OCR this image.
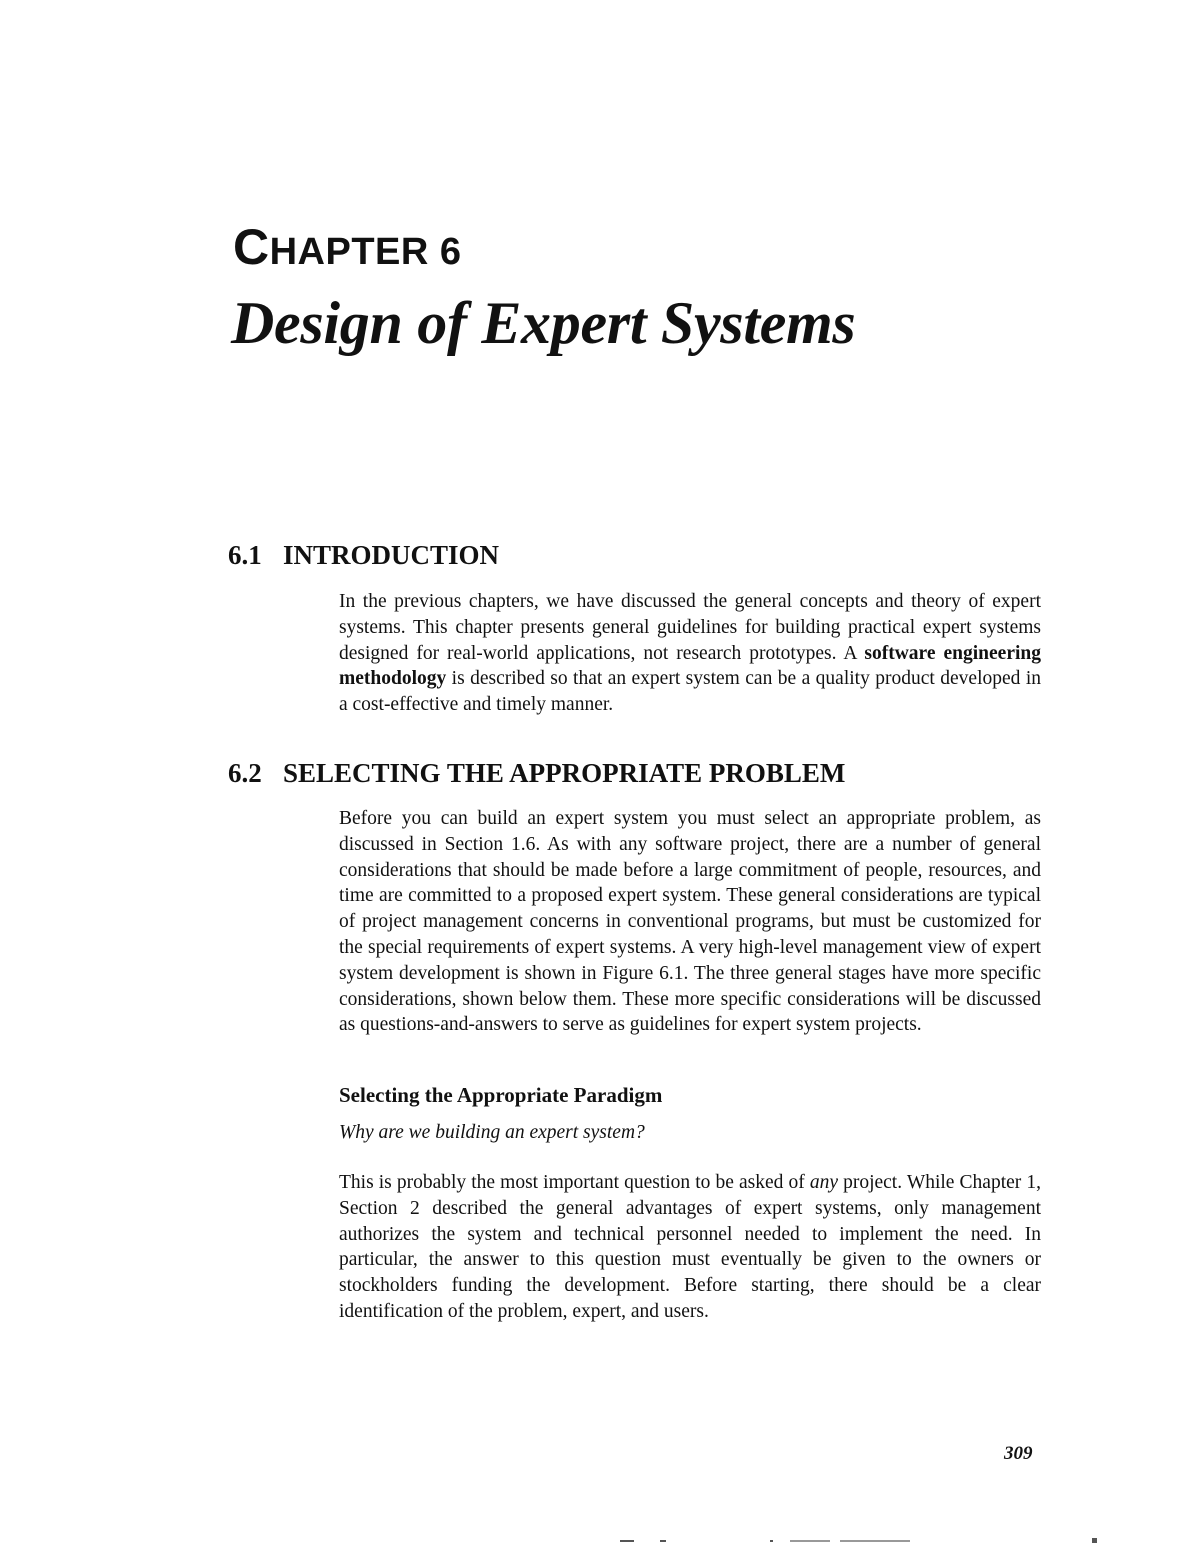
CHAPTER 6
Design of Expert Systems
6.1 INTRODUCTION

In the previous chapters, we have discussed the general concepts and theory of expert systems. This chapter presents general guidelines for building practical expert systems designed for real-world applications, not research prototypes. A software engineering methodology is described so that an expert system can be a quality product developed in a cost-effective and timely manner.

6.2 SELECTING THE APPROPRIATE PROBLEM

Before you can build an expert system you must select an appropriate problem, as discussed in Section 1.6. As with any software project, there are a number of general considerations that should be made before a large commitment of people, resources, and time are committed to a proposed expert system. These general considerations are typical of project management concerns in conventional programs, but must be customized for the special requirements of expert systems. A very high-level management view of expert system development is shown in Figure 6.1. The three general stages have more specific considerations, shown below them. These more specific considerations will be discussed as questions-and-answers to serve as guidelines for expert system projects.

Selecting the Appropriate Paradigm

Why are we building an expert system?

This is probably the most important question to be asked of any project. While Chapter 1, Section 2 described the general advantages of expert systems, only management authorizes the system and technical personnel needed to implement the need. In particular, the answer to this question must eventually be given to the owners or stockholders funding the development. Before starting, there should be a clear identification of the problem, expert, and users.

309
